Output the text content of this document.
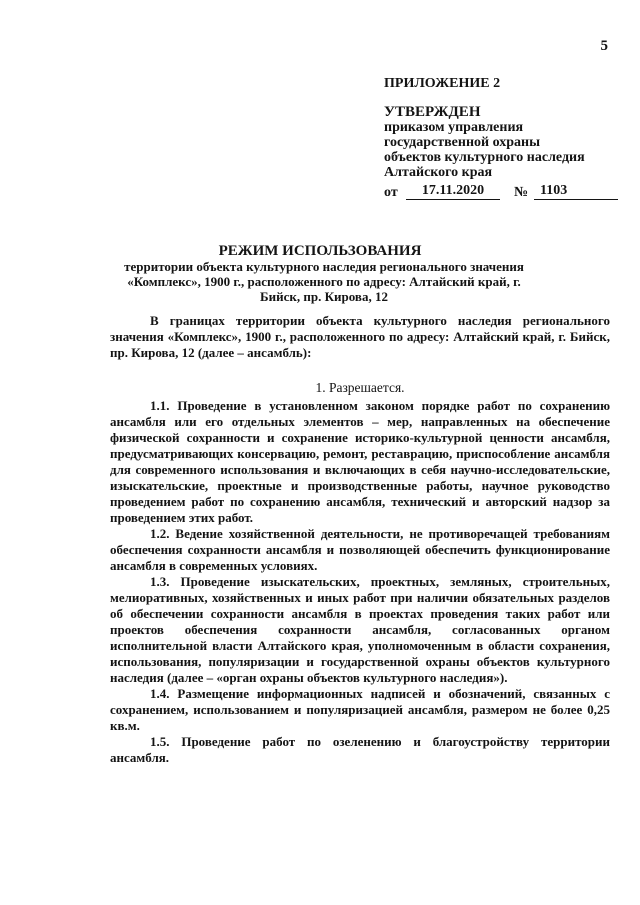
5
ПРИЛОЖЕНИЕ 2
УТВЕРЖДЕН
приказом управления
государственной охраны
объектов культурного наследия
Алтайского края
от	17.11.2020	№ 1103
РЕЖИМ ИСПОЛЬЗОВАНИЯ
территории объекта культурного наследия регионального значения «Комплекс», 1900 г., расположенного по адресу: Алтайский край, г. Бийск, пр. Кирова, 12

В границах территории объекта культурного наследия регионального значения «Комплекс», 1900 г., расположенного по адресу: Алтайский край, г. Бийск, пр. Кирова, 12 (далее – ансамбль):

1. Разрешается.

1.1. Проведение в установленном законом порядке работ по сохранению ансамбля или его отдельных элементов – мер, направленных на обеспечение физической сохранности и сохранение историко-культурной ценности ансамбля, предусматривающих консервацию, ремонт, реставрацию, приспособление ансамбля для современного использования и включающих в себя научно-исследовательские, изыскательские, проектные и производственные работы, научное руководство проведением работ по сохранению ансамбля, технический и авторский надзор за проведением этих работ.

1.2. Ведение хозяйственной деятельности, не противоречащей требованиям обеспечения сохранности ансамбля и позволяющей обеспечить функционирование ансамбля в современных условиях.

1.3. Проведение изыскательских, проектных, земляных, строительных, мелиоративных, хозяйственных и иных работ при наличии обязательных разделов об обеспечении сохранности ансамбля в проектах проведения таких работ или проектов обеспечения сохранности ансамбля, согласованных органом исполнительной власти Алтайского края, уполномоченным в области сохранения, использования, популяризации и государственной охраны объектов культурного наследия (далее – «орган охраны объектов культурного наследия»).

1.4. Размещение информационных надписей и обозначений, связанных с сохранением, использованием и популяризацией ансамбля, размером не более 0,25 кв.м.

1.5. Проведение работ по озеленению и благоустройству территории ансамбля.
